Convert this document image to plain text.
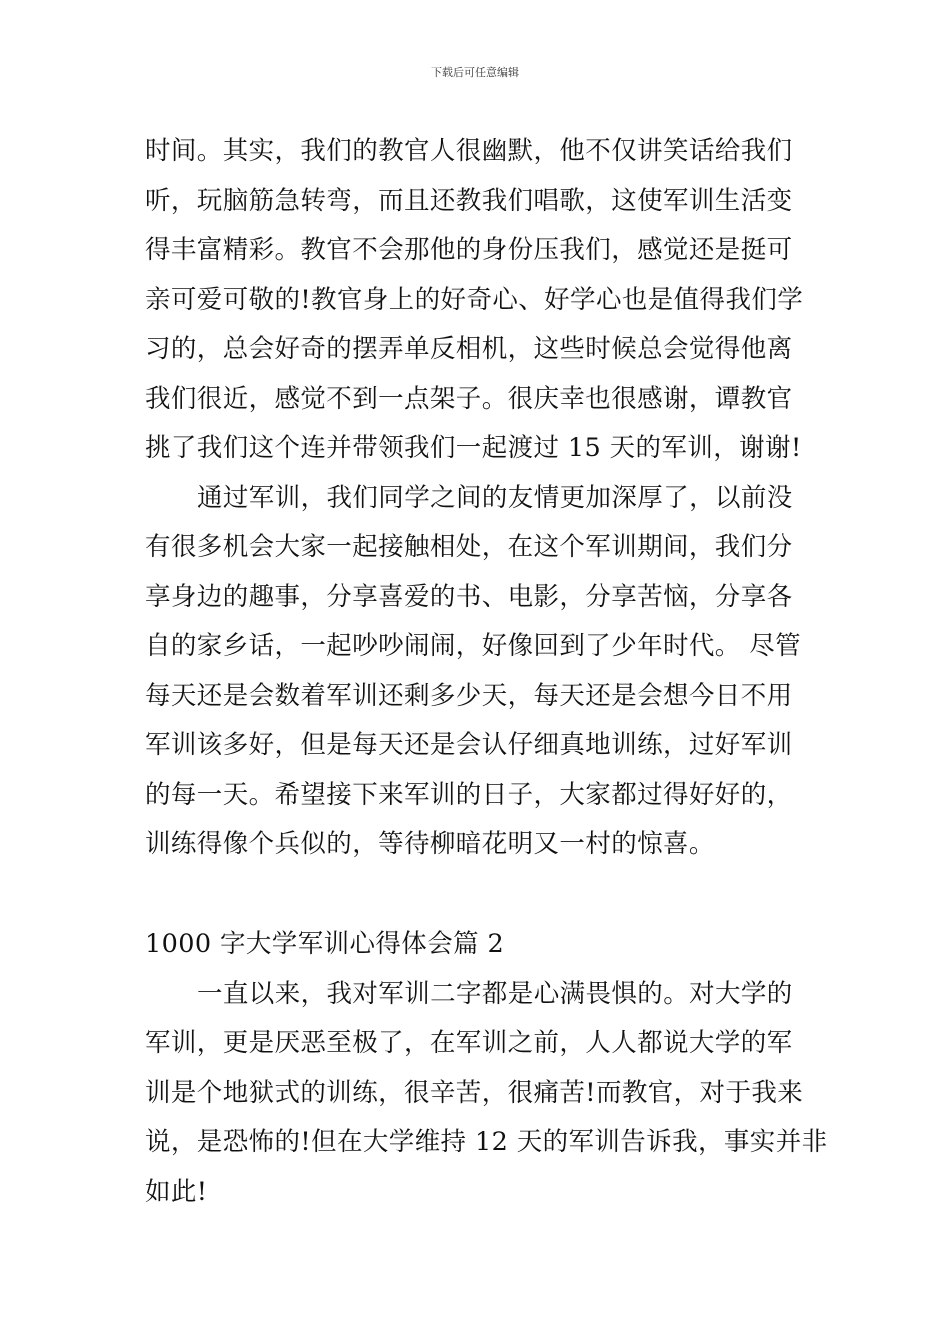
下载后可任意编辑
时间。其实，我们的教官人很幽默，他不仅讲笑话给我们
听，玩脑筋急转弯，而且还教我们唱歌，这使军训生活变
得丰富精彩。教官不会那他的身份压我们，感觉还是挺可
亲可爱可敬的!教官身上的好奇心、好学心也是值得我们学
习的，总会好奇的摆弄单反相机，这些时候总会觉得他离
我们很近，感觉不到一点架子。很庆幸也很感谢，谭教官
挑了我们这个连并带领我们一起渡过 15 天的军训，谢谢!
通过军训，我们同学之间的友情更加深厚了，以前没
有很多机会大家一起接触相处，在这个军训期间，我们分
享身边的趣事，分享喜爱的书、电影，分享苦恼，分享各
自的家乡话，一起吵吵闹闹，好像回到了少年时代。 尽管
每天还是会数着军训还剩多少天，每天还是会想今日不用
军训该多好，但是每天还是会认仔细真地训练，过好军训
的每一天。希望接下来军训的日子，大家都过得好好的，
训练得像个兵似的，等待柳暗花明又一村的惊喜。
1000 字大学军训心得体会篇 2
一直以来，我对军训二字都是心满畏惧的。对大学的
军训，更是厌恶至极了，在军训之前，人人都说大学的军
训是个地狱式的训练，很辛苦，很痛苦!而教官，对于我来
说，是恐怖的!但在大学维持 12 天的军训告诉我，事实并非
如此!
